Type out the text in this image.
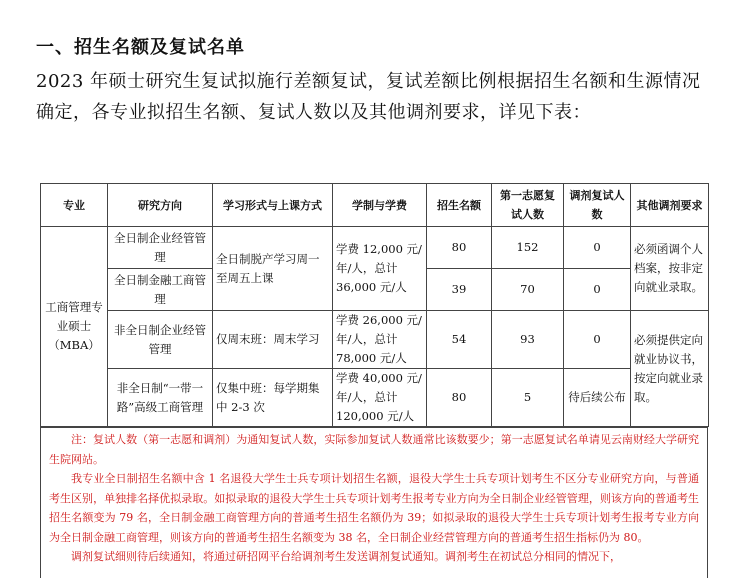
一、招生名额及复试名单
2023 年硕士研究生复试拟施行差额复试，复试差额比例根据招生名额和生源情况确定，各专业拟招生名额、复试人数以及其他调剂要求，详见下表：
专业	研究方向	学习形式与上课方式	学制与学费	招生名额	第一志愿复试人数	调剂复试人数	其他调剂要求
工商管理专业硕士（MBA）	全日制企业经管管理	全日制脱产学习周一至周五上课	学费 12,000 元/年/人，总计36,000 元/人	80	152	0	必须函调个人档案，按非定向就业录取。
	全日制金融工商管理			39	70	0	
	非全日制企业经管管理	仅周末班：周末学习	学费 26,000 元/年/人，总计78,000 元/人	54	93	0	必须提供定向就业协议书，按定向就业录取。
	非全日制“一带一路”高级工商管理	仅集中班：每学期集中 2-3 次	学费 40,000 元/年/人，总计120,000 元/人	80	5	待后续公布	

注：复试人数（第一志愿和调剂）为通知复试人数，实际参加复试人数通常比该数要少；第一志愿复试名单请见云南财经大学研究生院网站。

我专业全日制招生名额中含 1 名退役大学生士兵专项计划招生名额，退役大学生士兵专项计划考生不区分专业研究方向，与普通考生区别，单独排名择优拟录取。如拟录取的退役大学生士兵专项计划考生报考专业方向为全日制企业经管管理，则该方向的普通考生招生名额变为 79 名，全日制金融工商管理方向的普通考生招生名额仍为 39；如拟录取的退役大学生士兵专项计划考生报考专业方向为全日制金融工商管理，则该方向的普通考生招生名额变为 38 名，全日制企业经营管理方向的普通考生招生指标仍为 80。

调剂复试细则待后续通知，将通过研招网平台给调剂考生发送调剂复试通知。调剂考生在初试总分相同的情况下，
